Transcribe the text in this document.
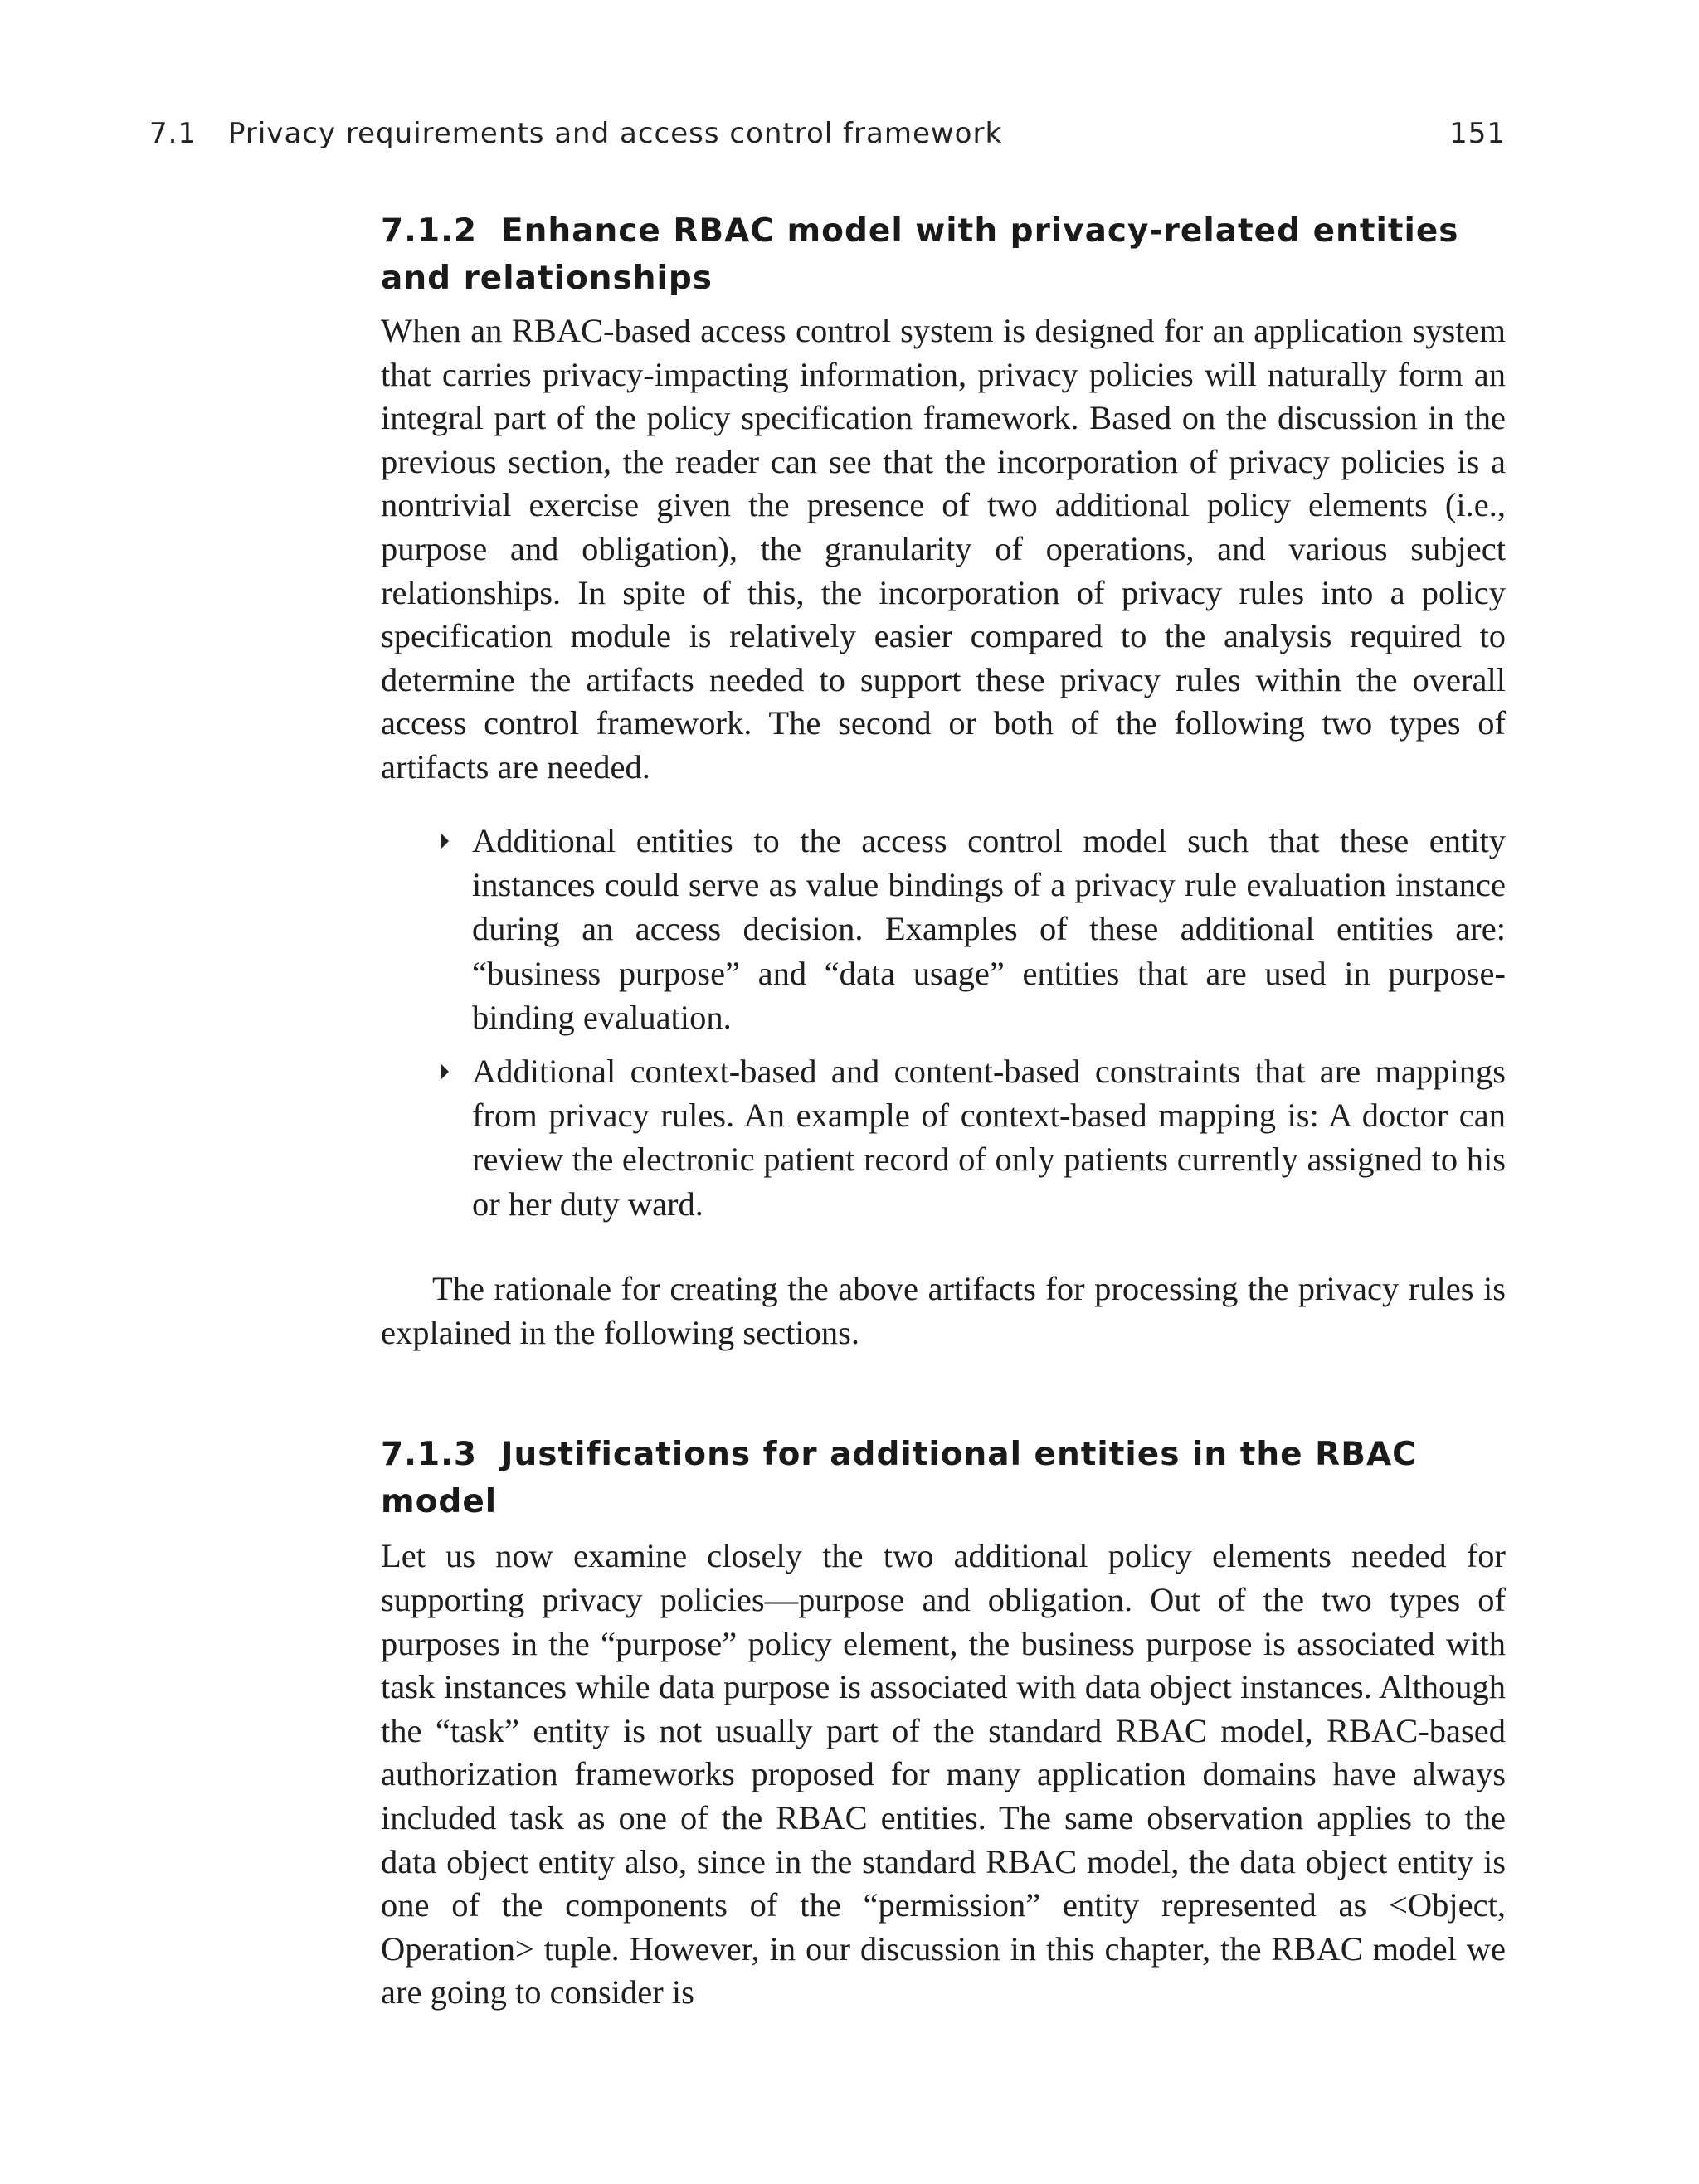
7.1 Privacy requirements and access control framework	151
7.1.2 Enhance RBAC model with privacy-related entities and relationships

When an RBAC-based access control system is designed for an application system that carries privacy-impacting information, privacy policies will naturally form an integral part of the policy specification framework. Based on the discussion in the previous section, the reader can see that the incorporation of privacy policies is a nontrivial exercise given the presence of two additional policy elements (i.e., purpose and obligation), the granularity of operations, and various subject relationships. In spite of this, the incorporation of privacy rules into a policy specification module is relatively easier compared to the analysis required to determine the artifacts needed to support these privacy rules within the overall access control framework. The second or both of the following two types of artifacts are needed.

Additional entities to the access control model such that these entity instances could serve as value bindings of a privacy rule evaluation instance during an access decision. Examples of these additional entities are: “business purpose” and “data usage” entities that are used in purpose-binding evaluation.
Additional context-based and content-based constraints that are mappings from privacy rules. An example of context-based mapping is: A doctor can review the electronic patient record of only patients currently assigned to his or her duty ward.

The rationale for creating the above artifacts for processing the privacy rules is explained in the following sections.

7.1.3 Justifications for additional entities in the RBAC model

Let us now examine closely the two additional policy elements needed for supporting privacy policies—purpose and obligation. Out of the two types of purposes in the “purpose” policy element, the business purpose is associated with task instances while data purpose is associated with data object instances. Although the “task” entity is not usually part of the standard RBAC model, RBAC-based authorization frameworks proposed for many application domains have always included task as one of the RBAC entities. The same observation applies to the data object entity also, since in the standard RBAC model, the data object entity is one of the components of the “permission” entity represented as <Object, Operation> tuple. However, in our discussion in this chapter, the RBAC model we are going to consider is
